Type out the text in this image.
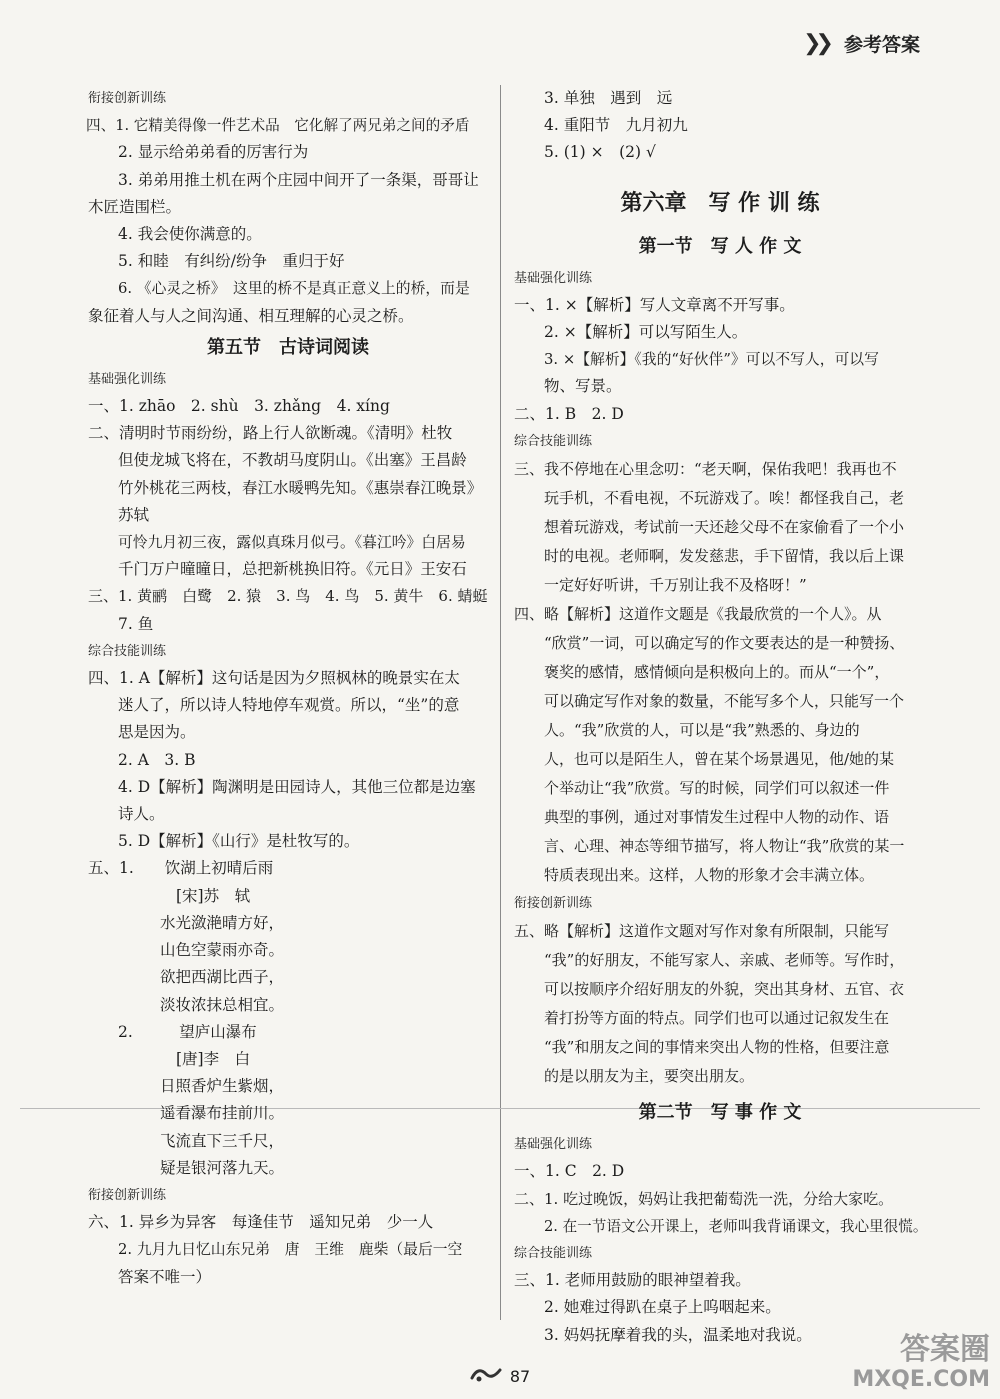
❯❯ 参考答案
衔接创新训练
四、1. 它精美得像一件艺术品　它化解了两兄弟之间的矛盾
2. 显示给弟弟看的厉害行为
3. 弟弟用推土机在两个庄园中间开了一条渠，哥哥让
木匠造围栏。
4. 我会使你满意的。
5. 和睦　有纠纷/纷争　重归于好
6. 《心灵之桥》　这里的桥不是真正意义上的桥，而是
象征着人与人之间沟通、相互理解的心灵之桥。
第五节　古诗词阅读
基础强化训练
一、1. zhāo　2. shù　3. zhǎng　4. xíng
二、清明时节雨纷纷，路上行人欲断魂。《清明》杜牧
但使龙城飞将在，不教胡马度阴山。《出塞》王昌龄
竹外桃花三两枝，春江水暖鸭先知。《惠崇春江晚景》
苏轼
可怜九月初三夜，露似真珠月似弓。《暮江吟》白居易
千门万户曈曈日，总把新桃换旧符。《元日》王安石
三、1. 黄鹂　白鹭　2. 猿　3. 鸟　4. 鸟　5. 黄牛　6. 蜻蜓
7. 鱼
综合技能训练
四、1. A【解析】这句话是因为夕照枫林的晚景实在太
迷人了，所以诗人特地停车观赏。所以，“坐”的意
思是因为。
2. A　3. B
4. D【解析】陶渊明是田园诗人，其他三位都是边塞
诗人。
5. D【解析】《山行》是杜牧写的。
五、1.　　饮湖上初晴后雨
[宋]苏　轼
水光潋滟晴方好，
山色空蒙雨亦奇。
欲把西湖比西子，
淡妆浓抹总相宜。
2.　　　望庐山瀑布
[唐]李　白
日照香炉生紫烟，
遥看瀑布挂前川。
飞流直下三千尺，
疑是银河落九天。
衔接创新训练
六、1. 异乡为异客　每逢佳节　遥知兄弟　少一人
2. 九月九日忆山东兄弟　唐　王维　鹿柴（最后一空
答案不唯一）
3. 单独　遇到　远
4. 重阳节　九月初九
5. (1) ×　(2) √
第六章　写 作 训 练
第一节　写 人 作 文
基础强化训练
一、1. ×【解析】写人文章离不开写事。
2. ×【解析】可以写陌生人。
3. ×【解析】《我的“好伙伴”》可以不写人，可以写
物、写景。
二、1. B　2. D
综合技能训练
三、我不停地在心里念叨：“老天啊，保佑我吧！我再也不
玩手机，不看电视，不玩游戏了。唉！都怪我自己，老
想着玩游戏，考试前一天还趁父母不在家偷看了一个小
时的电视。老师啊，发发慈悲，手下留情，我以后上课
一定好好听讲，千万别让我不及格呀！”
四、略【解析】这道作文题是《我最欣赏的一个人》。从
“欣赏”一词，可以确定写的作文要表达的是一种赞扬、
褒奖的感情，感情倾向是积极向上的。而从“一个”，
可以确定写作对象的数量，不能写多个人，只能写一个
人。“我”欣赏的人，可以是“我”熟悉的、身边的
人，也可以是陌生人，曾在某个场景遇见，他/她的某
个举动让“我”欣赏。写的时候，同学们可以叙述一件
典型的事例，通过对事情发生过程中人物的动作、语
言、心理、神态等细节描写，将人物让“我”欣赏的某一
特质表现出来。这样，人物的形象才会丰满立体。
衔接创新训练
五、略【解析】这道作文题对写作对象有所限制，只能写
“我”的好朋友，不能写家人、亲戚、老师等。写作时，
可以按顺序介绍好朋友的外貌，突出其身材、五官、衣
着打扮等方面的特点。同学们也可以通过记叙发生在
“我”和朋友之间的事情来突出人物的性格，但要注意
的是以朋友为主，要突出朋友。
第二节　写 事 作 文
基础强化训练
一、1. C　2. D
二、1. 吃过晚饭，妈妈让我把葡萄洗一洗，分给大家吃。
2. 在一节语文公开课上，老师叫我背诵课文，我心里很慌。
综合技能训练
三、1. 老师用鼓励的眼神望着我。
2. 她难过得趴在桌子上呜咽起来。
3. 妈妈抚摩着我的头，温柔地对我说。
87
答案圈
MXQE.COM
